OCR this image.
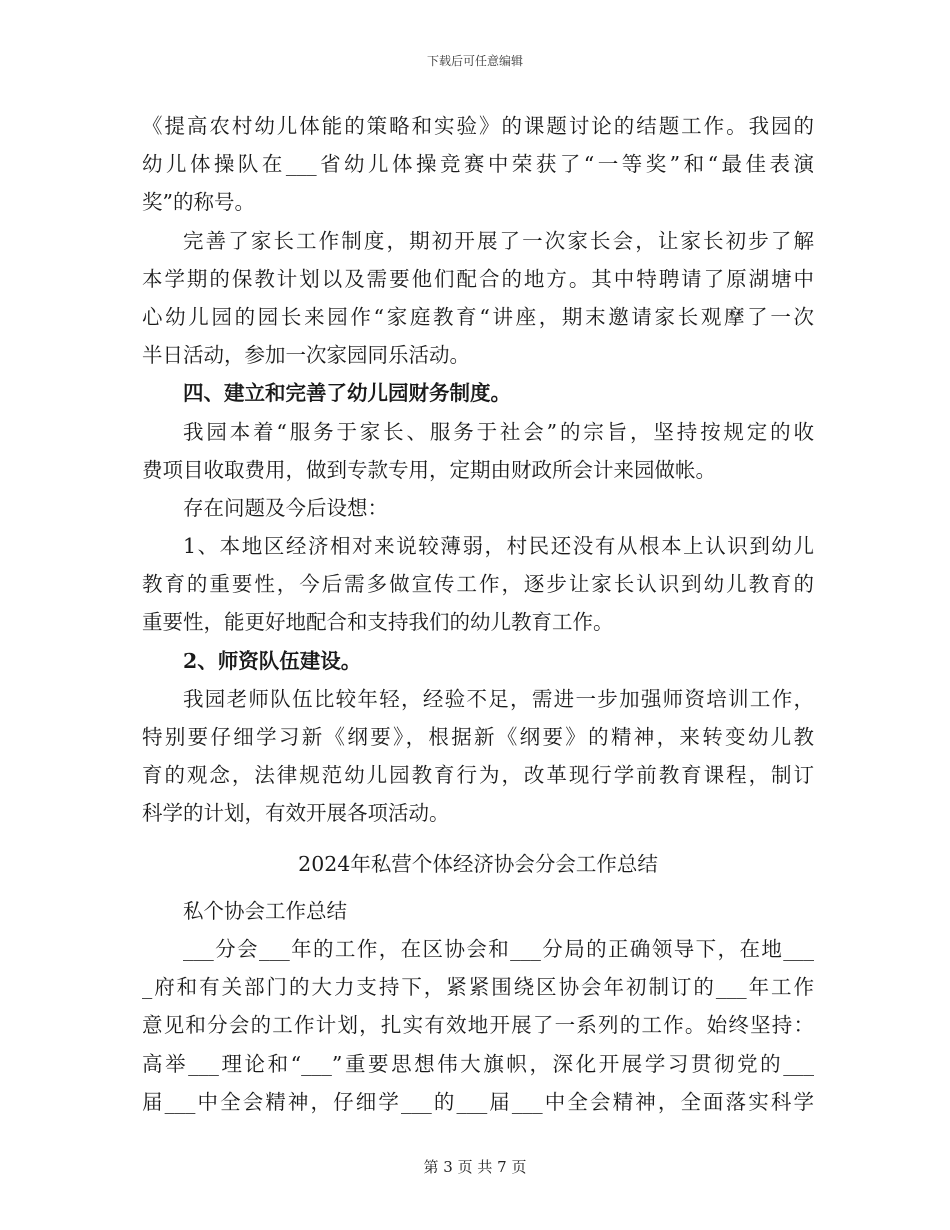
下载后可任意编辑
《提高农村幼儿体能的策略和实验》的课题讨论的结题工作。我园的
幼儿体操队在___省幼儿体操竞赛中荣获了“一等奖”和“最佳表演
奖”的称号。
完善了家长工作制度，期初开展了一次家长会，让家长初步了解
本学期的保教计划以及需要他们配合的地方。其中特聘请了原湖塘中
心幼儿园的园长来园作“家庭教育“讲座，期末邀请家长观摩了一次
半日活动，参加一次家园同乐活动。
四、建立和完善了幼儿园财务制度。
我园本着“服务于家长、服务于社会”的宗旨，坚持按规定的收
费项目收取费用，做到专款专用，定期由财政所会计来园做帐。
存在问题及今后设想：
1、本地区经济相对来说较薄弱，村民还没有从根本上认识到幼儿
教育的重要性，今后需多做宣传工作，逐步让家长认识到幼儿教育的
重要性，能更好地配合和支持我们的幼儿教育工作。
2、师资队伍建设。
我园老师队伍比较年轻，经验不足，需进一步加强师资培训工作，
特别要仔细学习新《纲要》，根据新《纲要》的精神，来转变幼儿教
育的观念，法律规范幼儿园教育行为，改革现行学前教育课程，制订
科学的计划，有效开展各项活动。
2024年私营个体经济协会分会工作总结
私个协会工作总结
___分会___年的工作，在区协会和___分局的正确领导下，在地___
_府和有关部门的大力支持下，紧紧围绕区协会年初制订的___年工作
意见和分会的工作计划，扎实有效地开展了一系列的工作。始终坚持：
高举___理论和“___”重要思想伟大旗帜，深化开展学习贯彻党的___
届___中全会精神，仔细学___的___届___中全会精神，全面落实科学
第 3 页 共 7 页
